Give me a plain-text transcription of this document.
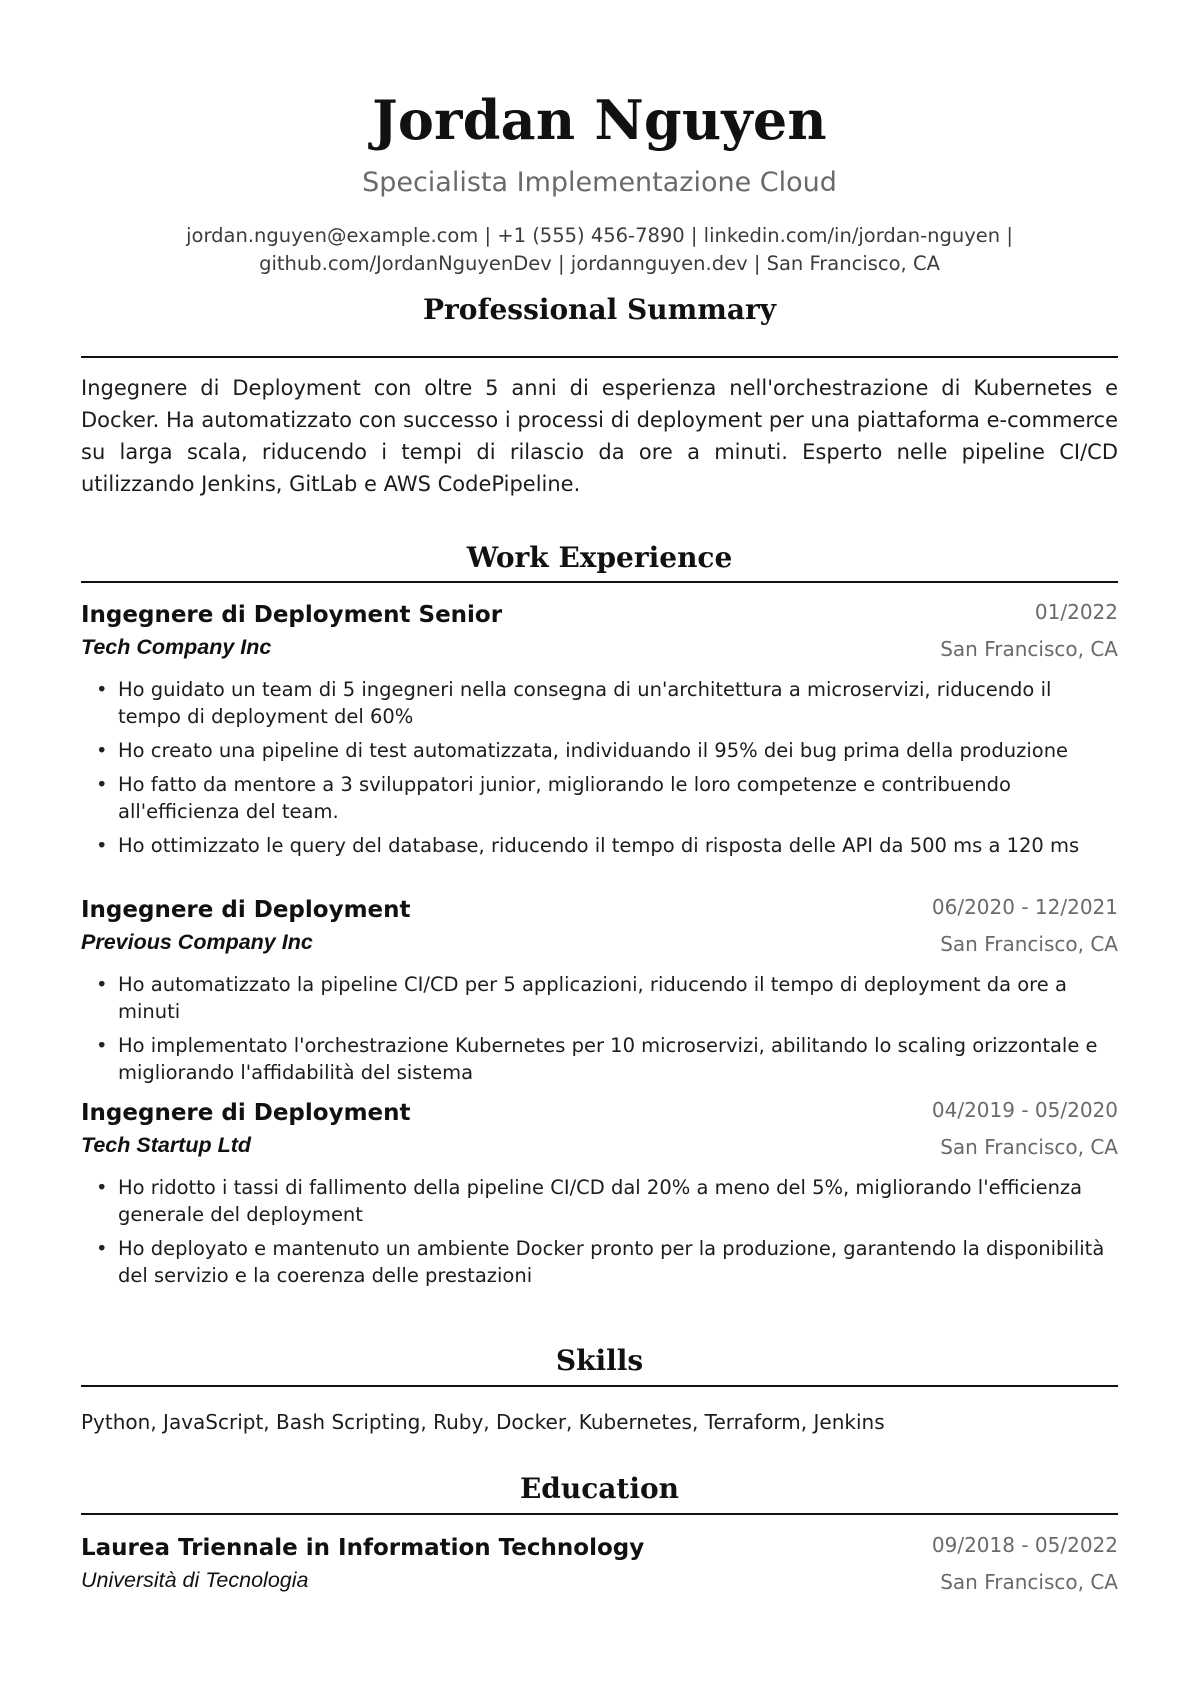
Jordan Nguyen
Specialista Implementazione Cloud
jordan.nguyen@example.com | +1 (555) 456-7890 | linkedin.com/in/jordan-nguyen |
github.com/JordanNguyenDev | jordannguyen.dev | San Francisco, CA
Professional Summary

Ingegnere di Deployment con oltre 5 anni di esperienza nell'orchestrazione di Kubernetes e Docker. Ha automatizzato con successo i processi di deployment per una piattaforma e-commerce su larga scala, riducendo i tempi di rilascio da ore a minuti. Esperto nelle pipeline CI/CD utilizzando Jenkins, GitLab e AWS CodePipeline.

Work Experience
Ingegnere di Deployment Senior	01/2022
Tech Company Inc	San Francisco, CA
• Ho guidato un team di 5 ingegneri nella consegna di un'architettura a microservizi, riducendo il tempo di deployment del 60%
• Ho creato una pipeline di test automatizzata, individuando il 95% dei bug prima della produzione
• Ho fatto da mentore a 3 sviluppatori junior, migliorando le loro competenze e contribuendo all'efficienza del team.
• Ho ottimizzato le query del database, riducendo il tempo di risposta delle API da 500 ms a 120 ms
Ingegnere di Deployment	06/2020 - 12/2021
Previous Company Inc	San Francisco, CA
• Ho automatizzato la pipeline CI/CD per 5 applicazioni, riducendo il tempo di deployment da ore a minuti
• Ho implementato l'orchestrazione Kubernetes per 10 microservizi, abilitando lo scaling orizzontale e migliorando l'affidabilità del sistema
Ingegnere di Deployment	04/2019 - 05/2020
Tech Startup Ltd	San Francisco, CA
• Ho ridotto i tassi di fallimento della pipeline CI/CD dal 20% a meno del 5%, migliorando l'efficienza generale del deployment
• Ho deployato e mantenuto un ambiente Docker pronto per la produzione, garantendo la disponibilità del servizio e la coerenza delle prestazioni
Skills

Python, JavaScript, Bash Scripting, Ruby, Docker, Kubernetes, Terraform, Jenkins

Education
Laurea Triennale in Information Technology	09/2018 - 05/2022
Università di Tecnologia	San Francisco, CA
